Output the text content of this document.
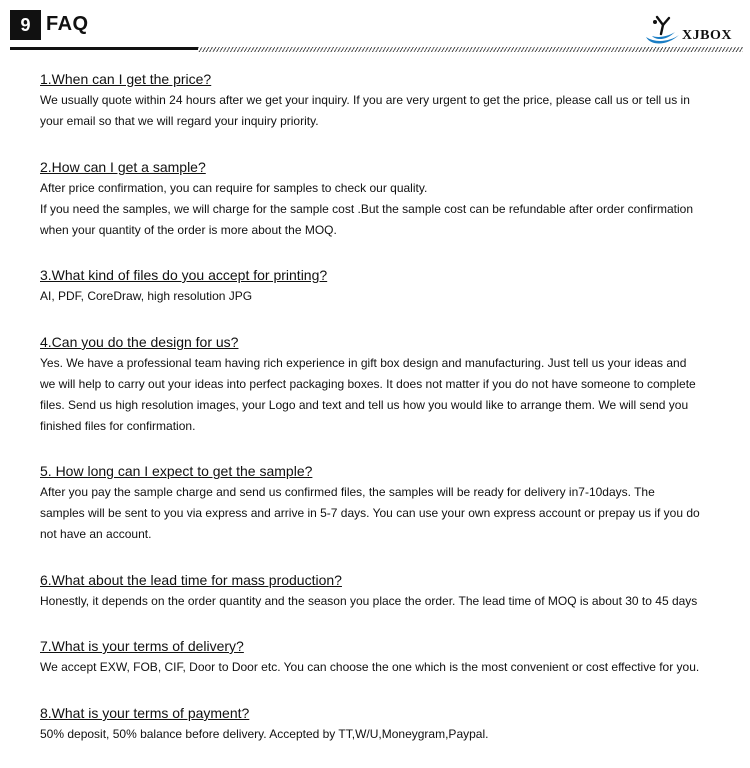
9 FAQ
XJBOX
1.When can I get the price?

We usually quote within 24 hours after we get your inquiry. If you are very urgent to get the price, please call us or tell us in
your email so that we will regard your inquiry priority.

2.How can I get a sample?

After price confirmation, you can require for samples to check our quality.
If you need the samples, we will charge for the sample cost .But the sample cost can be refundable after order confirmation
when your quantity of the order is more about the MOQ.

3.What kind of files do you accept for printing?

AI, PDF, CoreDraw, high resolution JPG

4.Can you do the design for us?

Yes. We have a professional team having rich experience in gift box design and manufacturing. Just tell us your ideas and
we will help to carry out your ideas into perfect packaging boxes. It does not matter if you do not have someone to complete
files. Send us high resolution images, your Logo and text and tell us how you would like to arrange them. We will send you
finished files for confirmation.

5. How long can I expect to get the sample?

After you pay the sample charge and send us confirmed files, the samples will be ready for delivery in7-10days. The
samples will be sent to you via express and arrive in 5-7 days. You can use your own express account or prepay us if you do
not have an account.

6.What about the lead time for mass production?

Honestly, it depends on the order quantity and the season you place the order. The lead time of MOQ is about 30 to 45 days

7.What is your terms of delivery?

We accept EXW, FOB, CIF, Door to Door etc. You can choose the one which is the most convenient or cost effective for you.

8.What is your terms of payment?

50% deposit, 50% balance before delivery. Accepted by TT,W/U,Moneygram,Paypal.
